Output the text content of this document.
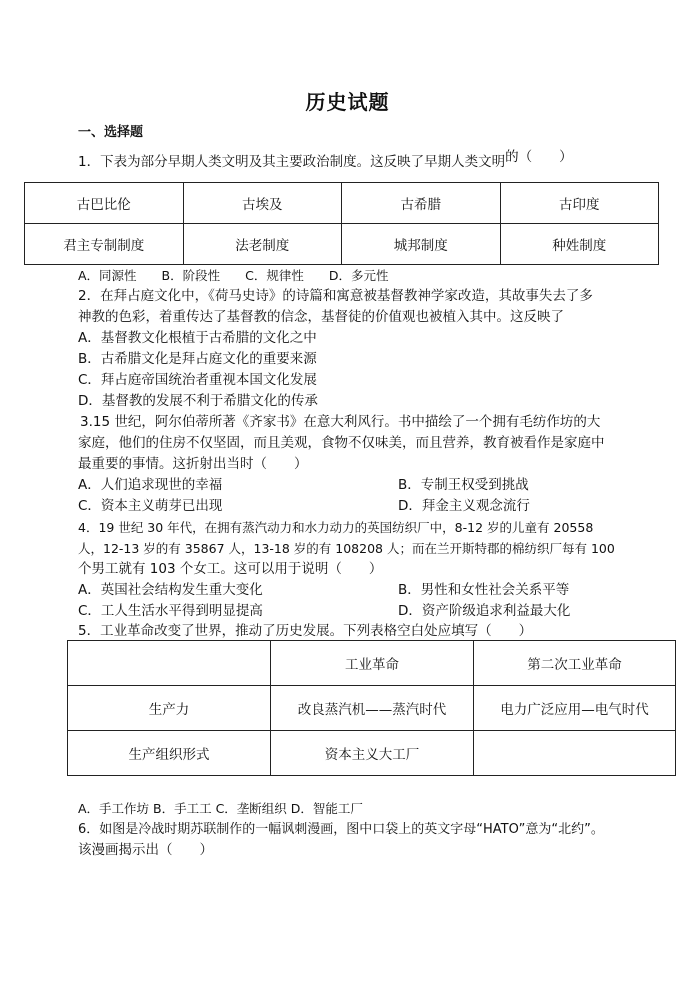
历史试题
一、选择题
1．下表为部分早期人类文明及其主要政治制度。这反映了早期人类文明的（　　）
古巴比伦	古埃及	古希腊	古印度
君主专制制度	法老制度	城邦制度	种姓制度
A．同源性　　B．阶段性　　C．规律性　　D．多元性
2．在拜占庭文化中，《荷马史诗》的诗篇和寓意被基督教神学家改造，其故事失去了多
神教的色彩，着重传达了基督教的信念，基督徒的价值观也被植入其中。这反映了
A．基督教文化根植于古希腊的文化之中
B．古希腊文化是拜占庭文化的重要来源
C．拜占庭帝国统治者重视本国文化发展
D．基督教的发展不利于希腊文化的传承
3.15 世纪，阿尔伯蒂所著《齐家书》在意大利风行。书中描绘了一个拥有毛纺作坊的大
家庭，他们的住房不仅坚固，而且美观，食物不仅味美，而且营养，教育被看作是家庭中
最重要的事情。这折射出当时（　　）
A．人们追求现世的幸福	B．专制王权受到挑战
C．资本主义萌芽已出现	D．拜金主义观念流行
4．19 世纪 30 年代，在拥有蒸汽动力和水力动力的英国纺织厂中，8-12 岁的儿童有 20558
人，12-13 岁的有 35867 人，13-18 岁的有 108208 人；而在兰开斯特郡的棉纺织厂每有 100
个男工就有 103 个女工。这可以用于说明（　　）
A．英国社会结构发生重大变化	B．男性和女性社会关系平等
C．工人生活水平得到明显提高	D．资产阶级追求利益最大化
5．工业革命改变了世界，推动了历史发展。下列表格空白处应填写（　　）
	工业革命	第二次工业革命
生产力	改良蒸汽机——蒸汽时代	电力广泛应用—电气时代
生产组织形式	资本主义大工厂	
A．手工作坊 B．手工工 C．垄断组织 D．智能工厂
6．如图是冷战时期苏联制作的一幅讽刺漫画，图中口袋上的英文字母“HATO”意为“北约”。
该漫画揭示出（　　）
